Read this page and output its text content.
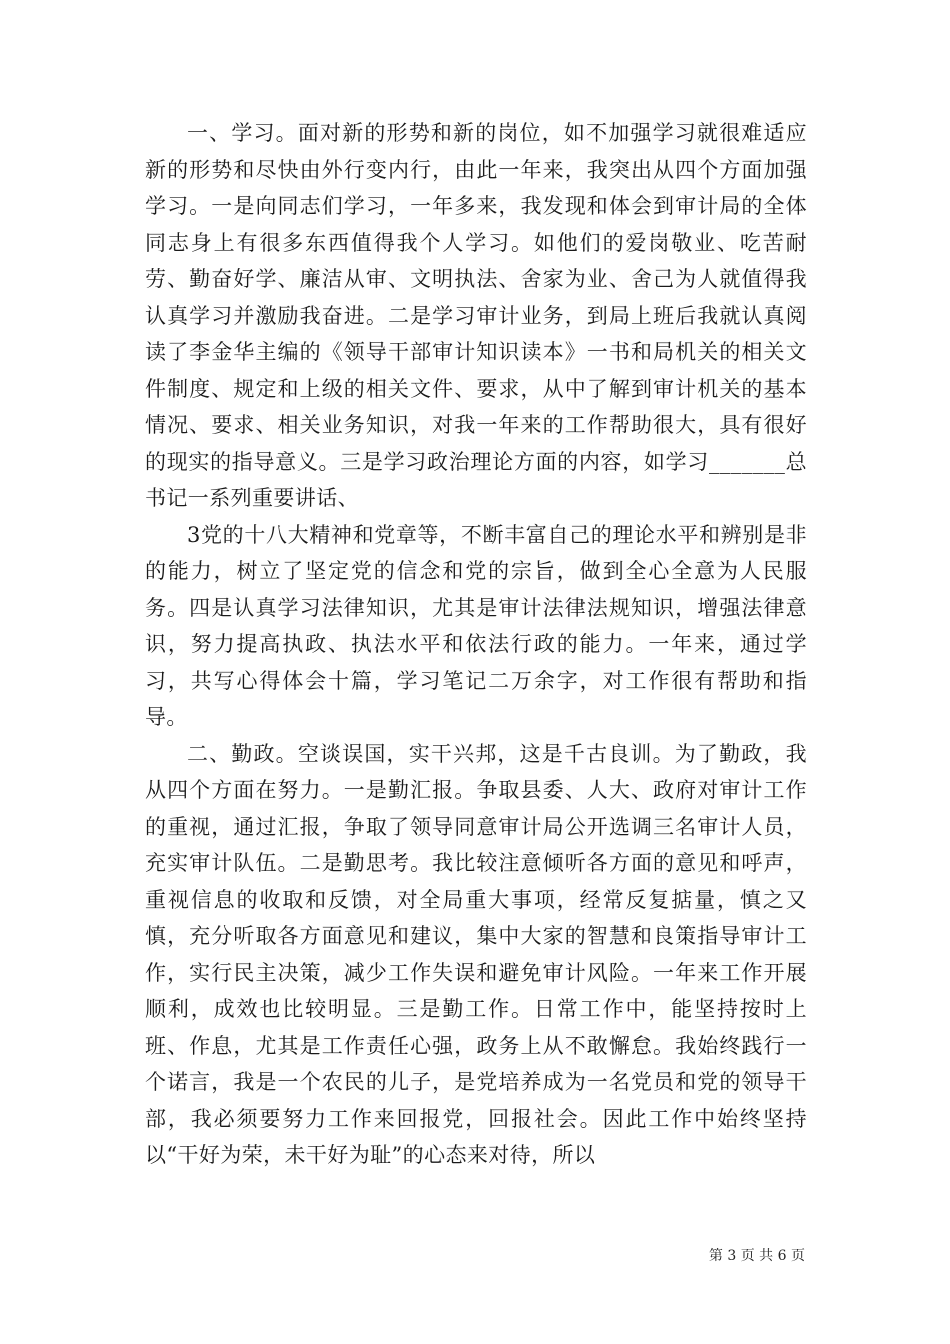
一、学习。面对新的形势和新的岗位，如不加强学习就很难适应新的形势和尽快由外行变内行，由此一年来，我突出从四个方面加强学习。一是向同志们学习，一年多来，我发现和体会到审计局的全体同志身上有很多东西值得我个人学习。如他们的爱岗敬业、吃苦耐劳、勤奋好学、廉洁从审、文明执法、舍家为业、舍己为人就值得我认真学习并激励我奋进。二是学习审计业务，到局上班后我就认真阅读了李金华主编的《领导干部审计知识读本》一书和局机关的相关文件制度、规定和上级的相关文件、要求，从中了解到审计机关的基本情况、要求、相关业务知识，对我一年来的工作帮助很大，具有很好的现实的指导意义。三是学习政治理论方面的内容，如学习_______总书记一系列重要讲话、

3党的十八大精神和党章等，不断丰富自己的理论水平和辨别是非的能力，树立了坚定党的信念和党的宗旨，做到全心全意为人民服务。四是认真学习法律知识，尤其是审计法律法规知识，增强法律意识，努力提高执政、执法水平和依法行政的能力。一年来，通过学习，共写心得体会十篇，学习笔记二万余字，对工作很有帮助和指导。

二、勤政。空谈误国，实干兴邦，这是千古良训。为了勤政，我从四个方面在努力。一是勤汇报。争取县委、人大、政府对审计工作的重视，通过汇报，争取了领导同意审计局公开选调三名审计人员，充实审计队伍。二是勤思考。我比较注意倾听各方面的意见和呼声，重视信息的收取和反馈，对全局重大事项，经常反复掂量，慎之又慎，充分听取各方面意见和建议，集中大家的智慧和良策指导审计工作，实行民主决策，减少工作失误和避免审计风险。一年来工作开展顺利，成效也比较明显。三是勤工作。日常工作中，能坚持按时上班、作息，尤其是工作责任心强，政务上从不敢懈怠。我始终践行一个诺言，我是一个农民的儿子，是党培养成为一名党员和党的领导干部，我必须要努力工作来回报党，回报社会。因此工作中始终坚持以“干好为荣，未干好为耻”的心态来对待，所以

第 3 页 共 6 页
